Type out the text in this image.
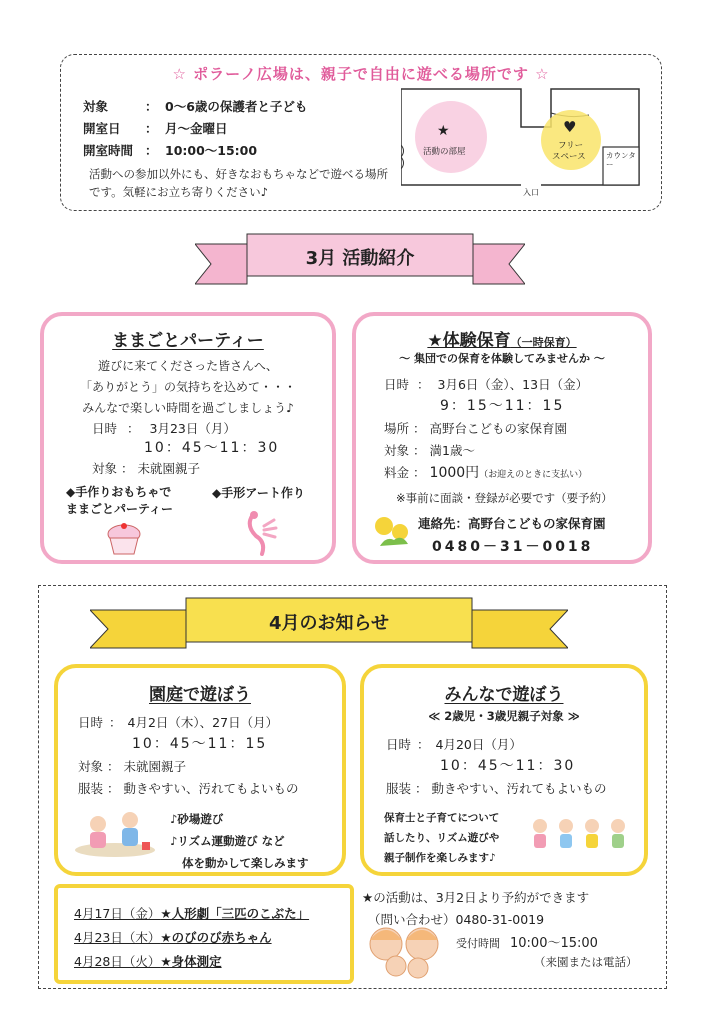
☆ ポラーノ広場は、親子で自由に遊べる場所です ☆
対象	： 0～6歳の保護者と子ども
開室日 ： 月～金曜日
開室時間 ： 10:00～15:00
活動への参加以外にも、好きなおもちゃなどで遊べる場所です。気軽にお立ち寄りください♪
★
活動の部屋
♥
フリー
スペース	カウンター
入口
3月 活動紹介
ままごとパーティー
遊びに来てくださった皆さんへ、
「ありがとう」の気持ちを込めて・・・
みんなで楽しい時間を過ごしましょう♪
日時 ： 3月23日（月）
10：45～11：30
対象 ： 未就園親子
◆手作りおもちゃで
ままごとパーティー
◆手形アート作り
★体験保育（一時保育）
～ 集団での保育を体験してみませんか ～
日時 ： 3月6日（金）、13日（金）
9：15～11：15
場所 ： 高野台こどもの家保育園
対象 ： 満1歳～
料金 ： 1000円（お迎えのときに支払い）
※事前に面談・登録が必要です（要予約）
連絡先：高野台こどもの家保育園
0480－31－0018
4月のお知らせ
園庭で遊ぼう
日時 ： 4月2日（木）、27日（月）
10：45～11：15
対象 ： 未就園親子
服装 ： 動きやすい、汚れてもよいもの
♪砂場遊び
♪リズム運動遊び など
体を動かして楽しみます
みんなで遊ぼう
≪ 2歳児・3歳児親子対象 ≫
日時 ： 4月20日（月）
10：45～11：30
服装 ： 動きやすい、汚れてもよいもの
保育士と子育てについて
話したり、リズム遊びや
親子制作を楽しみます♪
4月17日（金）★人形劇「三匹のこぶた」
4月23日（木）★のびのび赤ちゃん
4月28日（火）★身体測定
★の活動は、3月2日より予約ができます
（問い合わせ）0480-31-0019
受付時間 10:00～15:00
（来園または電話）
